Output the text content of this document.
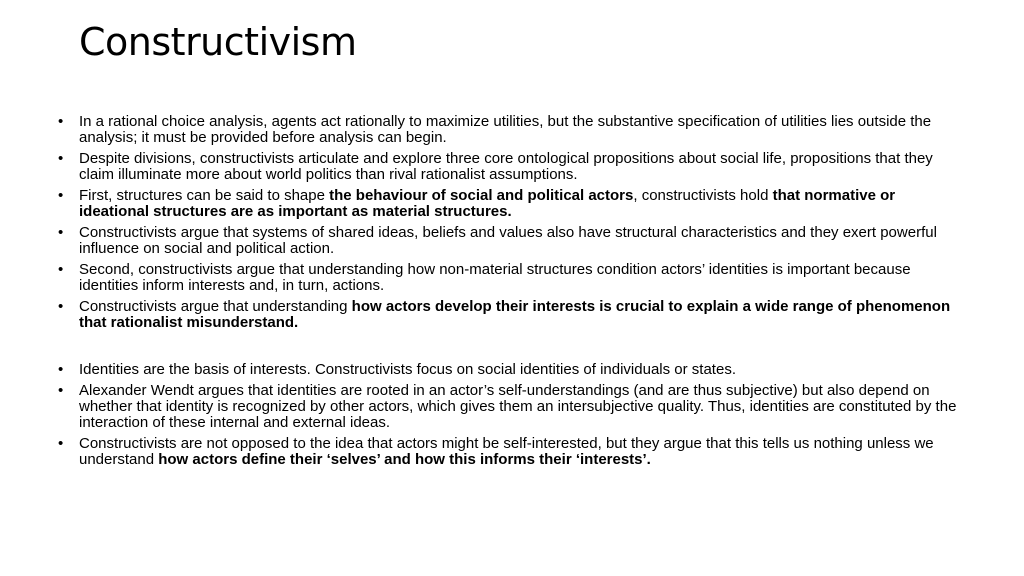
Constructivism
• In a rational choice analysis, agents act rationally to maximize utilities, but the substantive specification of utilities lies outside the analysis; it must be provided before analysis can begin.
• Despite divisions, constructivists articulate and explore three core ontological propositions about social life, propositions that they claim illuminate more about world politics than rival rationalist assumptions.
• First, structures can be said to shape the behaviour of social and political actors, constructivists hold that normative or ideational structures are as important as material structures.
• Constructivists argue that systems of shared ideas, beliefs and values also have structural characteristics and they exert powerful influence on social and political action.
• Second, constructivists argue that understanding how non-material structures condition actors’ identities is important because identities inform interests and, in turn, actions.
• Constructivists argue that understanding how actors develop their interests is crucial to explain a wide range of phenomenon that rationalist misunderstand.
• Identities are the basis of interests. Constructivists focus on social identities of individuals or states.
• Alexander Wendt argues that identities are rooted in an actor’s self-understandings (and are thus subjective) but also depend on whether that identity is recognized by other actors, which gives them an intersubjective quality. Thus, identities are constituted by the interaction of these internal and external ideas.
• Constructivists are not opposed to the idea that actors might be self-interested, but they argue that this tells us nothing unless we understand how actors define their ‘selves’ and how this informs their ‘interests’.
